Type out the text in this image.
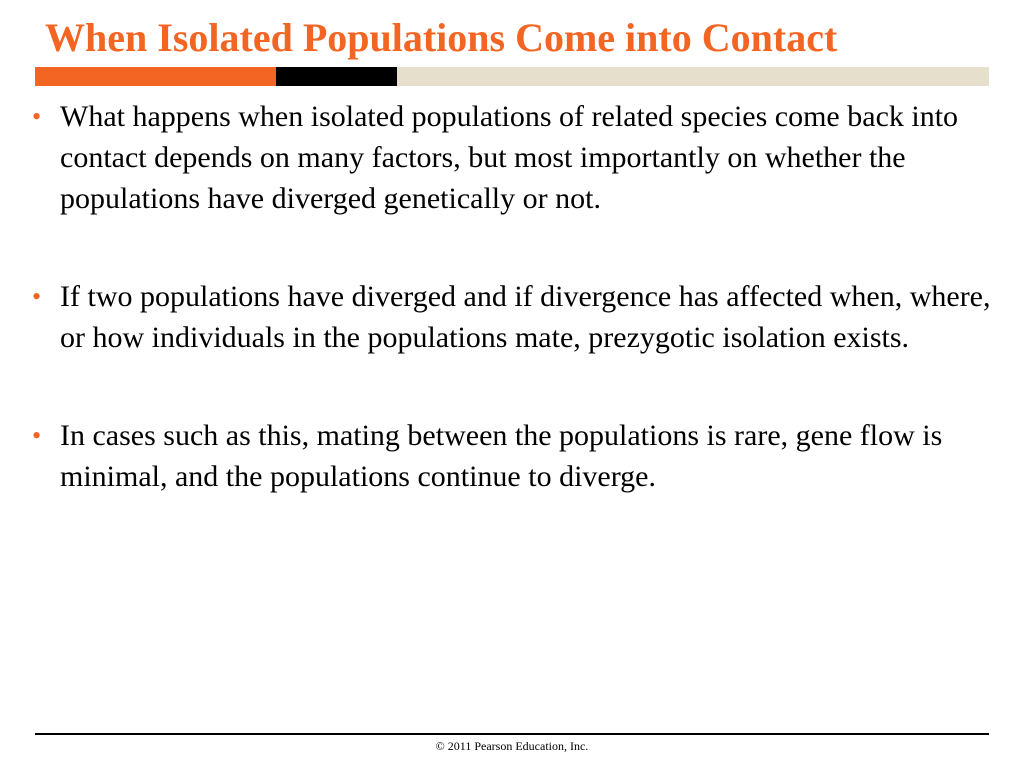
When Isolated Populations Come into Contact
• What happens when isolated populations of related species come back into contact depends on many factors, but most importantly on whether the populations have diverged genetically or not.
• If two populations have diverged and if divergence has affected when, where, or how individuals in the populations mate, prezygotic isolation exists.
• In cases such as this, mating between the populations is rare, gene flow is minimal, and the populations continue to diverge.
© 2011 Pearson Education, Inc.
